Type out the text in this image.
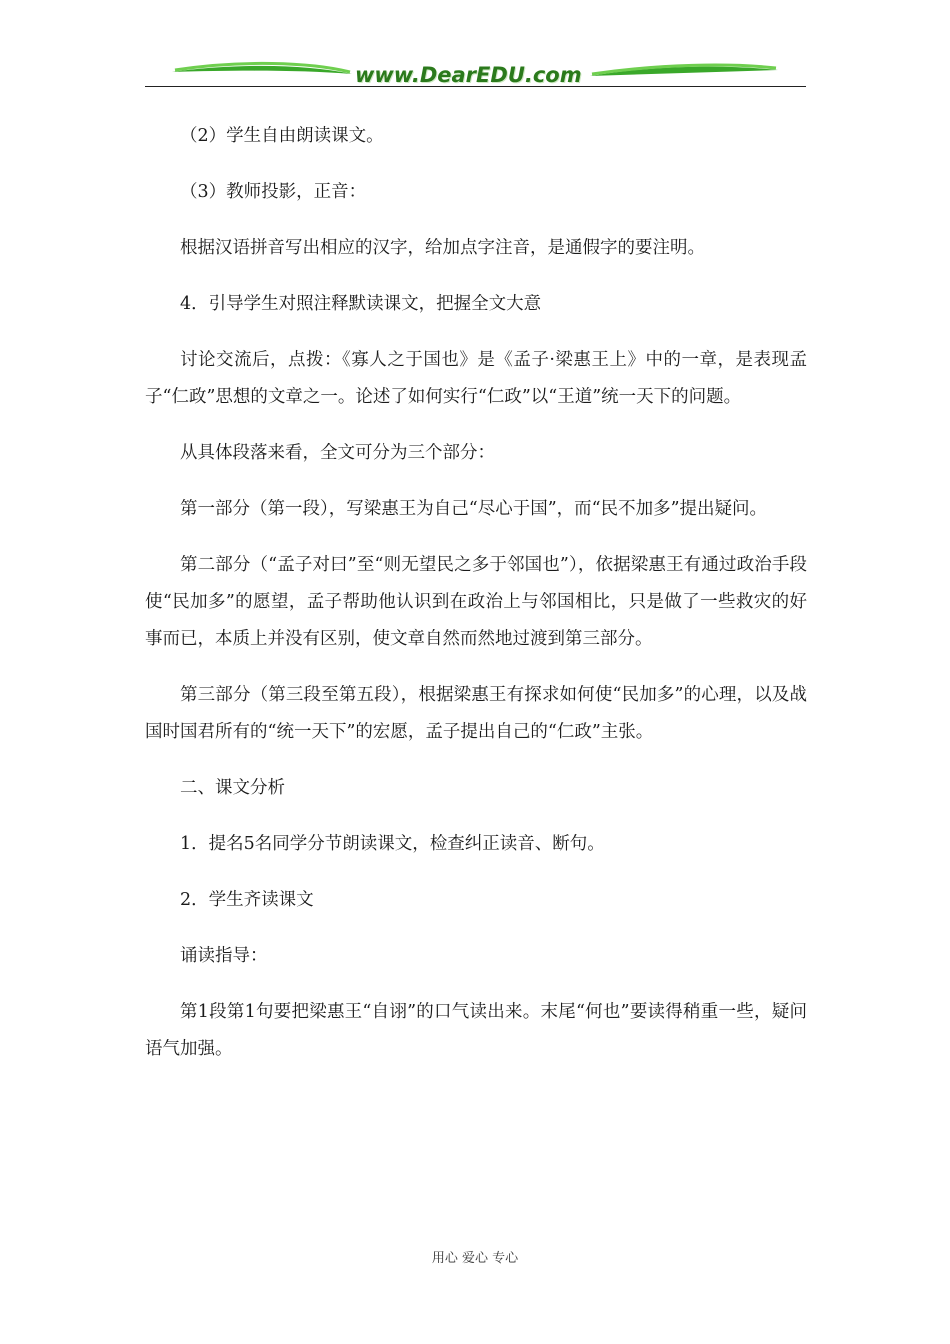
www.DearEDU.com

（2）学生自由朗读课文。

（3）教师投影，正音：

根据汉语拼音写出相应的汉字，给加点字注音，是通假字的要注明。

4．引导学生对照注释默读课文，把握全文大意

讨论交流后，点拨：《寡人之于国也》是《孟子·梁惠王上》中的一章，是表现孟子“仁政”思想的文章之一。论述了如何实行“仁政”以“王道”统一天下的问题。

从具体段落来看，全文可分为三个部分：

第一部分（第一段），写梁惠王为自己“尽心于国”，而“民不加多”提出疑问。

第二部分（“孟子对曰”至“则无望民之多于邻国也”），依据梁惠王有通过政治手段使“民加多”的愿望，孟子帮助他认识到在政治上与邻国相比，只是做了一些救灾的好事而已，本质上并没有区别，使文章自然而然地过渡到第三部分。

第三部分（第三段至第五段），根据梁惠王有探求如何使“民加多”的心理，以及战国时国君所有的“统一天下”的宏愿，孟子提出自己的“仁政”主张。

二、课文分析

1．提名5名同学分节朗读课文，检查纠正读音、断句。

2．学生齐读课文

诵读指导：

第1段第1句要把梁惠王“自诩”的口气读出来。末尾“何也”要读得稍重一些，疑问语气加强。

用心 爱心 专心
